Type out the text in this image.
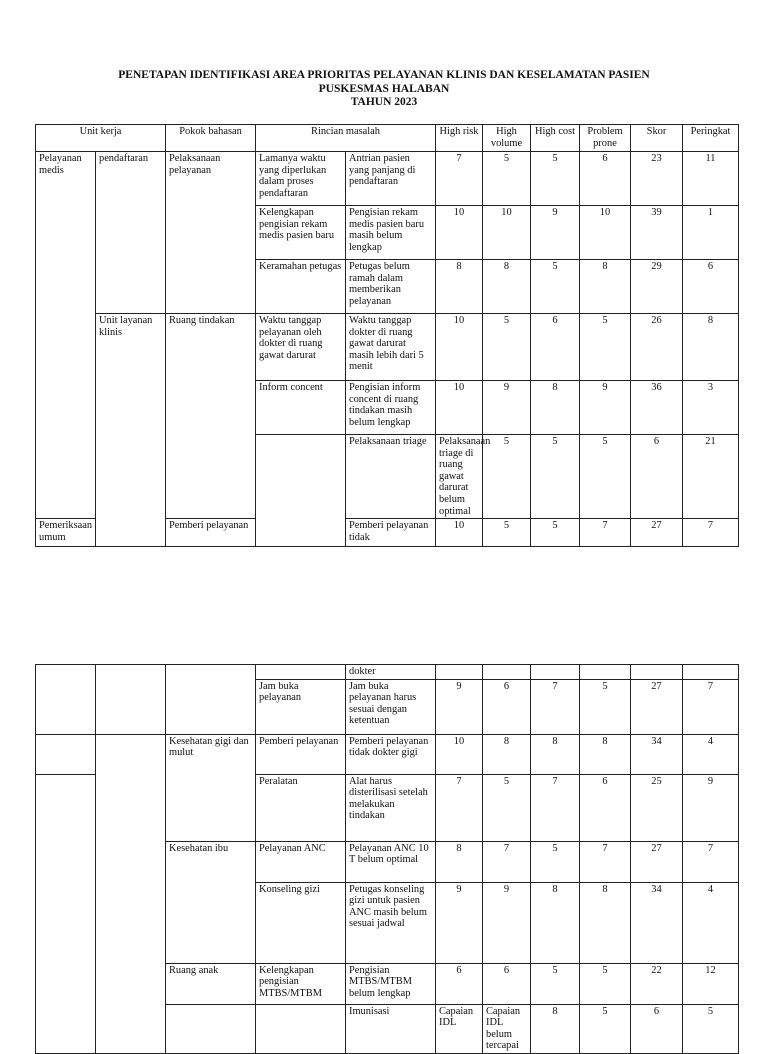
PENETAPAN IDENTIFIKASI AREA PRIORITAS PELAYANAN KLINIS DAN KESELAMATAN PASIEN
PUSKESMAS HALABAN
TAHUN 2023
Unit kerja		Pokok bahasan	Rincian masalah		High risk	High volume	High cost	Problem prone	Skor	Peringkat	
Pelayanan medis	pendaftaran	Pelaksanaan pelayanan	Lamanya waktu yang diperlukan dalam proses pendaftaran	Antrian pasien yang panjang di pendaftaran	7	5	5	6	23	11	
			Kelengkapan pengisian rekam medis pasien baru	Pengisian rekam medis pasien baru masih belum lengkap	10	10	9	10	39	1	
			Keramahan petugas	Petugas belum ramah dalam memberikan pelayanan	8	8	5	8	29	6	
	Unit layanan klinis	Ruang tindakan	Waktu tanggap pelayanan oleh dokter di ruang gawat darurat	Waktu tanggap dokter di ruang gawat darurat masih lebih dari 5 menit	10	5	6	5	26	8	
			Inform concent	Pengisian inform concent di ruang tindakan masih belum lengkap	10	9	8	9	36	3	
				Pelaksanaan triage	Pelaksanaan triage di ruang gawat darurat belum optimal	5	5	5	6	21	
Pemeriksaan umum		Pemberi pelayanan		Pemberi pelayanan tidak	10	5	5	7	27	7	
				dokter							
			Jam buka pelayanan	Jam buka pelayanan harus sesuai dengan ketentuan	9	6	7	5	27	7	
		Kesehatan gigi dan mulut	Pemberi pelayanan	Pemberi pelayanan tidak dokter gigi	10	8	8	8	34	4	
			Peralatan	Alat harus disterilisasi setelah melakukan tindakan	7	5	7	6	25	9	
		Kesehatan ibu	Pelayanan ANC	Pelayanan ANC 10 T belum optimal	8	7	5	7	27	7	
			Konseling gizi	Petugas konseling gizi untuk pasien ANC masih belum sesuai jadwal	9	9	8	8	34	4	
		Ruang anak	Kelengkapan pengisian MTBS/MTBM	Pengisian MTBS/MTBM belum lengkap	6	6	5	5	22	12	
				Imunisasi	Capaian IDL	Capaian IDL belum tercapai	8	5	6	5		
